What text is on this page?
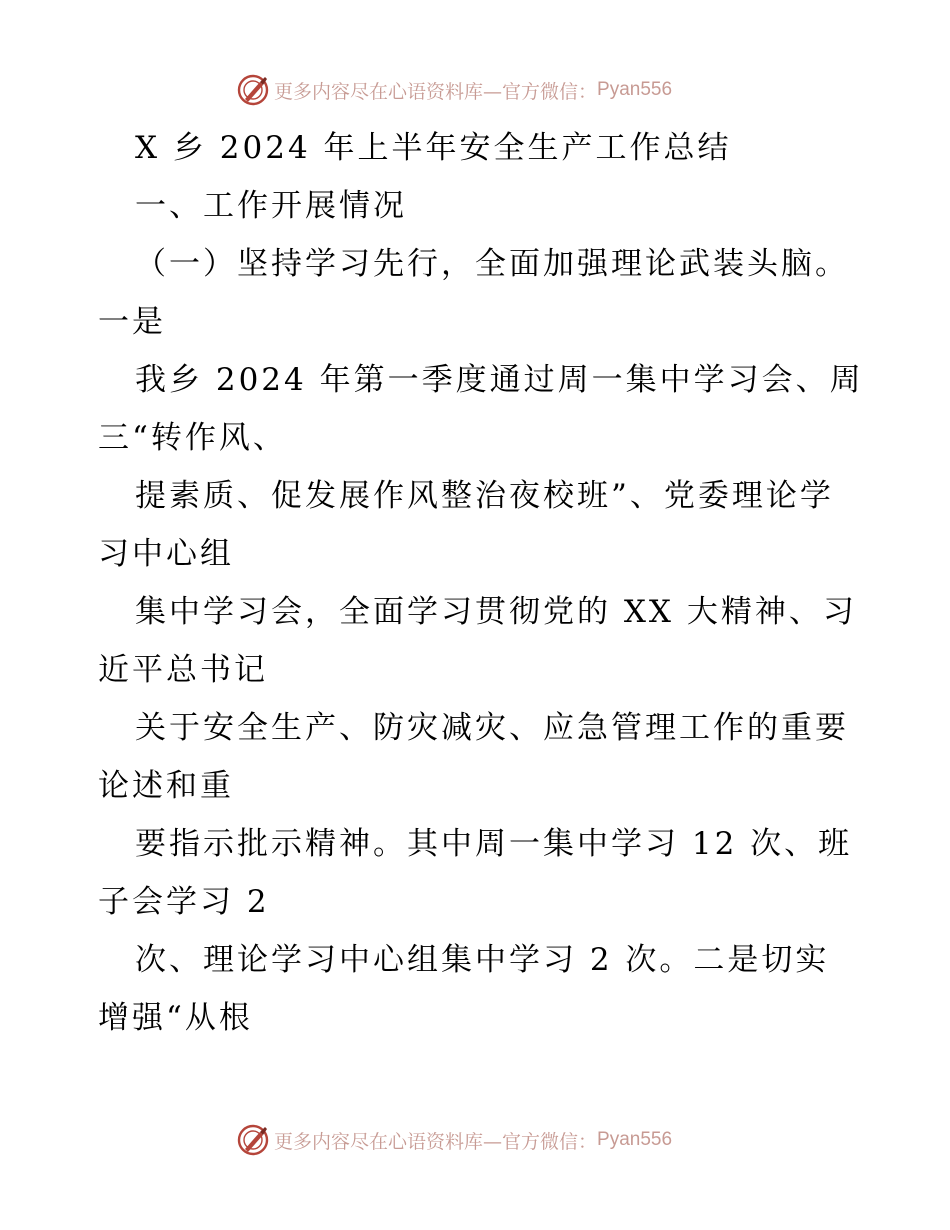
更多内容尽在心语资料库—官方微信： Pyan556
X 乡 2024 年上半年安全生产工作总结
一、工作开展情况
（一）坚持学习先行，全面加强理论武装头脑。
一是
我乡 2024 年第一季度通过周一集中学习会、周
三“转作风、
提素质、促发展作风整治夜校班”、党委理论学
习中心组
集中学习会，全面学习贯彻党的 XX 大精神、习
近平总书记
关于安全生产、防灾减灾、应急管理工作的重要
论述和重
要指示批示精神。其中周一集中学习 12 次、班
子会学习 2
次、理论学习中心组集中学习 2 次。二是切实
增强“从根
更多内容尽在心语资料库—官方微信： Pyan556
